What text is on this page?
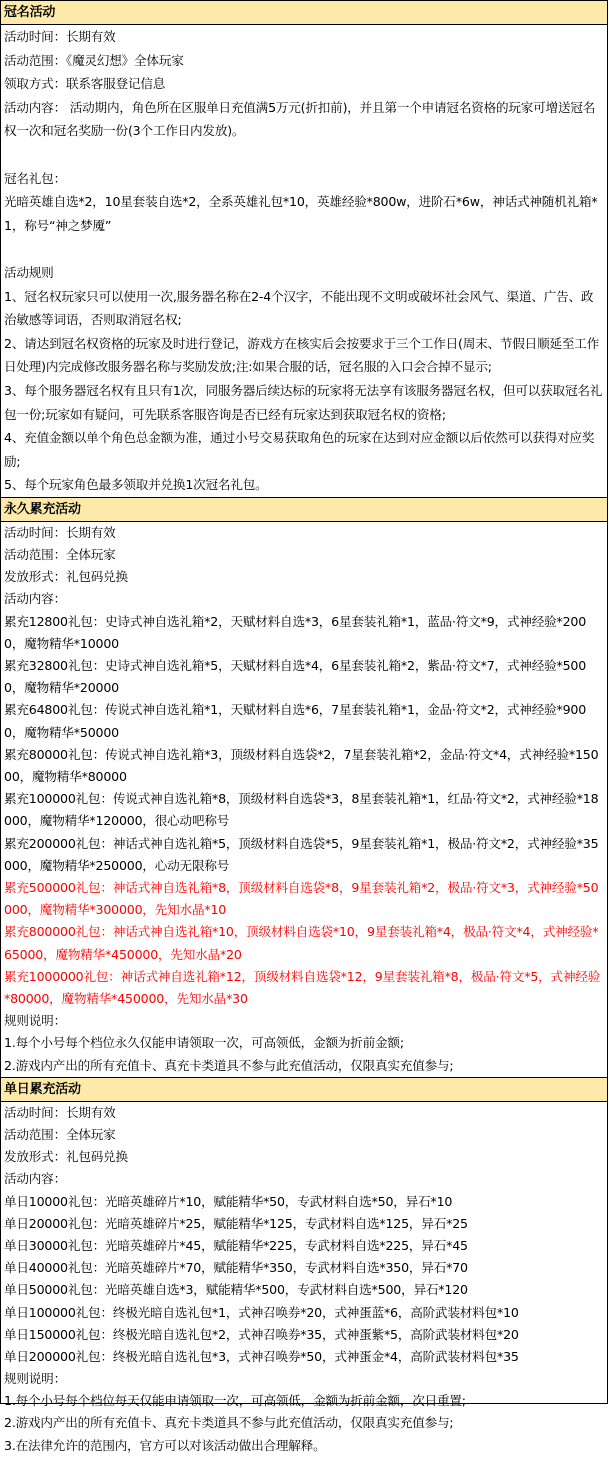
冠名活动
活动时间：长期有效
活动范围：《魔灵幻想》全体玩家
领取方式：联系客服登记信息
活动内容： 活动期内，角色所在区服单日充值满5万元(折扣前)，并且第一个申请冠名资格的玩家可增送冠名权一次和冠名奖励一份(3个工作日内发放)。
冠名礼包：
光暗英雄自选*2，10星套装自选*2，全系英雄礼包*10，英雄经验*800w，进阶石*6w，神话式神随机礼箱*1，称号“神之梦魇”
活动规则
1、冠名权玩家只可以使用一次,服务器名称在2-4个汉字，不能出现不文明或破坏社会风气、渠道、广告、政治敏感等词语，否则取消冠名权;
2、请达到冠名权资格的玩家及时进行登记，游戏方在核实后会按要求于三个工作日(周末、节假日顺延至工作日处理)内完成修改服务器名称与奖励发放;注:如果合服的话，冠名服的入口会合掉不显示;
3、每个服务器冠名权有且只有1次，同服务器后续达标的玩家将无法享有该服务器冠名权，但可以获取冠名礼包一份;玩家如有疑问，可先联系客服咨询是否已经有玩家达到获取冠名权的资格;
4、充值金额以单个角色总金额为准，通过小号交易获取角色的玩家在达到对应金额以后依然可以获得对应奖励;
5、每个玩家角色最多领取并兑换1次冠名礼包。
永久累充活动
活动时间：长期有效
活动范围：全体玩家
发放形式：礼包码兑换
活动内容：
累充12800礼包：史诗式神自选礼箱*2，天赋材料自选*3，6星套装礼箱*1，蓝品·符文*9，式神经验*2000，魔物精华*10000
累充32800礼包：史诗式神自选礼箱*5，天赋材料自选*4，6星套装礼箱*2，紫品·符文*7，式神经验*5000，魔物精华*20000
累充64800礼包：传说式神自选礼箱*1，天赋材料自选*6，7星套装礼箱*1，金品·符文*2，式神经验*9000，魔物精华*50000
累充80000礼包：传说式神自选礼箱*3，顶级材料自选袋*2，7星套装礼箱*2，金品·符文*4，式神经验*15000，魔物精华*80000
累充100000礼包：传说式神自选礼箱*8，顶级材料自选袋*3，8星套装礼箱*1，红品·符文*2，式神经验*18000，魔物精华*120000，很心动吧称号
累充200000礼包：神话式神自选礼箱*5，顶级材料自选袋*5，9星套装礼箱*1，极品·符文*2，式神经验*35000，魔物精华*250000，心动无限称号
累充500000礼包：神话式神自选礼箱*8，顶级材料自选袋*8，9星套装礼箱*2，极品·符文*3，式神经验*50000，魔物精华*300000，先知水晶*10
累充800000礼包：神话式神自选礼箱*10，顶级材料自选袋*10，9星套装礼箱*4，极品·符文*4，式神经验*65000，魔物精华*450000，先知水晶*20
累充1000000礼包：神话式神自选礼箱*12，顶级材料自选袋*12，9星套装礼箱*8，极品·符文*5，式神经验*80000，魔物精华*450000，先知水晶*30
规则说明：
1.每个小号每个档位永久仅能申请领取一次，可高领低，金额为折前金额;
2.游戏内产出的所有充值卡、真充卡类道具不参与此充值活动，仅限真实充值参与;
单日累充活动
活动时间：长期有效
活动范围：全体玩家
发放形式：礼包码兑换
活动内容：
单日10000礼包：光暗英雄碎片*10，赋能精华*50，专武材料自选*50，异石*10
单日20000礼包：光暗英雄碎片*25，赋能精华*125，专武材料自选*125，异石*25
单日30000礼包：光暗英雄碎片*45，赋能精华*225，专武材料自选*225，异石*45
单日40000礼包：光暗英雄碎片*70，赋能精华*350，专武材料自选*350，异石*70
单日50000礼包：光暗英雄自选*3，赋能精华*500，专武材料自选*500，异石*120
单日100000礼包：终极光暗自选礼包*1，式神召唤券*20，式神蛋蓝*6，高阶武装材料包*10
单日150000礼包：终极光暗自选礼包*2，式神召唤券*35，式神蛋紫*5，高阶武装材料包*20
单日200000礼包：终极光暗自选礼包*3，式神召唤券*50，式神蛋金*4，高阶武装材料包*35
规则说明：
1.每个小号每个档位每天仅能申请领取一次，可高领低，金额为折前金额，次日重置;
2.游戏内产出的所有充值卡、真充卡类道具不参与此充值活动，仅限真实充值参与;
3.在法律允许的范围内，官方可以对该活动做出合理解释。
